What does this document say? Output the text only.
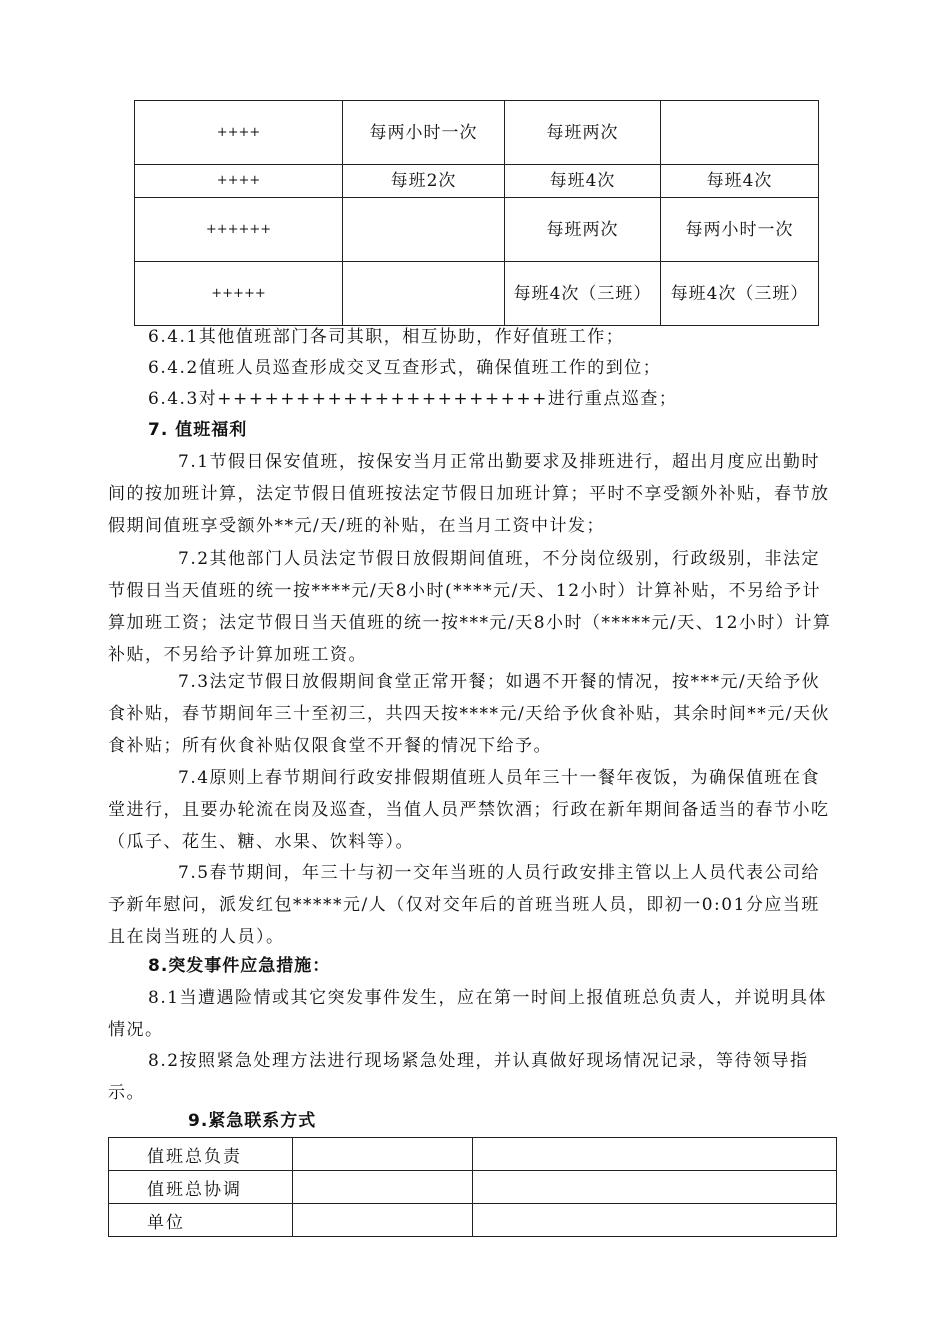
++++	每两小时一次	每班两次	
++++	每班2次	每班4次	每班4次
++++++		每班两次	每两小时一次
+++++		每班4次（三班）	每班4次（三班）
6.4.1其他值班部门各司其职，相互协助，作好值班工作；
6.4.2值班人员巡查形成交叉互查形式，确保值班工作的到位；
6.4.3对+++++++++++++++++++++进行重点巡查；
7. 值班福利

7.1节假日保安值班，按保安当月正常出勤要求及排班进行，超出月度应出勤时间的按加班计算，法定节假日值班按法定节假日加班计算；平时不享受额外补贴，春节放假期间值班享受额外**元/天/班的补贴，在当月工资中计发；

7.2其他部门人员法定节假日放假期间值班，不分岗位级别，行政级别，非法定节假日当天值班的统一按****元/天8小时(****元/天、12小时）计算补贴，不另给予计算加班工资；法定节假日当天值班的统一按***元/天8小时（*****元/天、12小时）计算补贴，不另给予计算加班工资。

7.3法定节假日放假期间食堂正常开餐；如遇不开餐的情况，按***元/天给予伙食补贴，春节期间年三十至初三，共四天按****元/天给予伙食补贴，其余时间**元/天伙食补贴；所有伙食补贴仅限食堂不开餐的情况下给予。

7.4原则上春节期间行政安排假期值班人员年三十一餐年夜饭，为确保值班在食堂进行，且要办轮流在岗及巡查，当值人员严禁饮酒；行政在新年期间备适当的春节小吃（瓜子、花生、糖、水果、饮料等）。

7.5春节期间，年三十与初一交年当班的人员行政安排主管以上人员代表公司给予新年慰问，派发红包*****元/人（仅对交年后的首班当班人员，即初一0:01分应当班且在岗当班的人员）。

8.突发事件应急措施：

8.1当遭遇险情或其它突发事件发生，应在第一时间上报值班总负责人，并说明具体情况。

8.2按照紧急处理方法进行现场紧急处理，并认真做好现场情况记录，等待领导指示。

9.紧急联系方式
值班总负责		
值班总协调		
单位		
